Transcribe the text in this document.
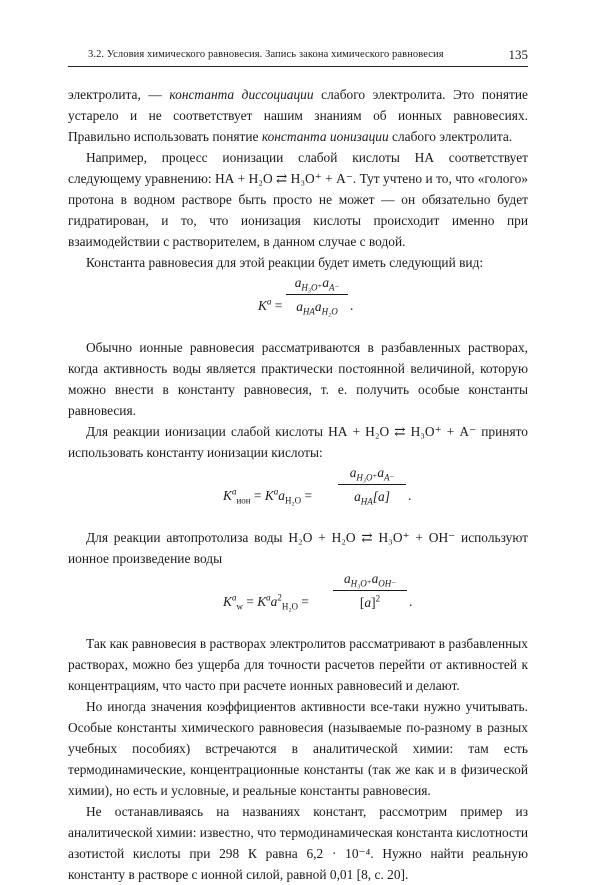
3.2. Условия химического равновесия. Запись закона химического равновесия	135

электролита, — константа диссоциации слабого электролита. Это понятие устарело и не соответствует нашим знаниям об ионных равновесиях. Правильно использовать понятие константа ионизации слабого электролита.

Например, процесс ионизации слабой кислоты НА соответствует следующему уравнению: НА + H₂O ⇄ H₃O⁺ + А⁻. Тут учтено и то, что «голого» протона в водном растворе быть просто не может — он обязательно будет гидратирован, и то, что ионизация кислоты происходит именно при взаимодействии с растворителем, в данном случае с водой.

Константа равновесия для этой реакции будет иметь следующий вид:

$K^a$ =
$a_{H_3O^+}a_{A^-}$
$a_{HA}a_{H_2O}$ .

Обычно ионные равновесия рассматриваются в разбавленных растворах, когда активность воды является практически постоянной величиной, которую можно внести в константу равновесия, т. е. получить особые константы равновесия.

Для реакции ионизации слабой кислоты НА + H₂O ⇄ H₃O⁺ + А⁻ принято использовать константу ионизации кислоты:

$K^a_{ион} = K^aa_{H_2O}$ =
$a_{H_3O^+}a_{A^-}$
$a_{HA}[a]$	.

Для реакции автопротолиза воды H₂O + H₂O ⇄ H₃O⁺ + OH⁻ используют ионное произведение воды

$K^a_w = K^aa^2_{H_2O}$ =
$a_{H_3O^+}a_{OH^-}$
$[a]^2$	.

Так как равновесия в растворах электролитов рассматривают в разбавленных растворах, можно без ущерба для точности расчетов перейти от активностей к концентрациям, что часто при расчете ионных равновесий и делают.

Но иногда значения коэффициентов активности все-таки нужно учитывать. Особые константы химического равновесия (называемые по-разному в разных учебных пособиях) встречаются в аналитической химии: там есть термодинамические, концентрационные константы (так же как и в физической химии), но есть и условные, и реальные константы равновесия.

Не останавливаясь на названиях констант, рассмотрим пример из аналитической химии: известно, что термодинамическая константа кислотности азотистой кислоты при 298 К равна 6,2 · 10⁻⁴. Нужно найти реальную константу в растворе с ионной силой, равной 0,01 [8, с. 20].
